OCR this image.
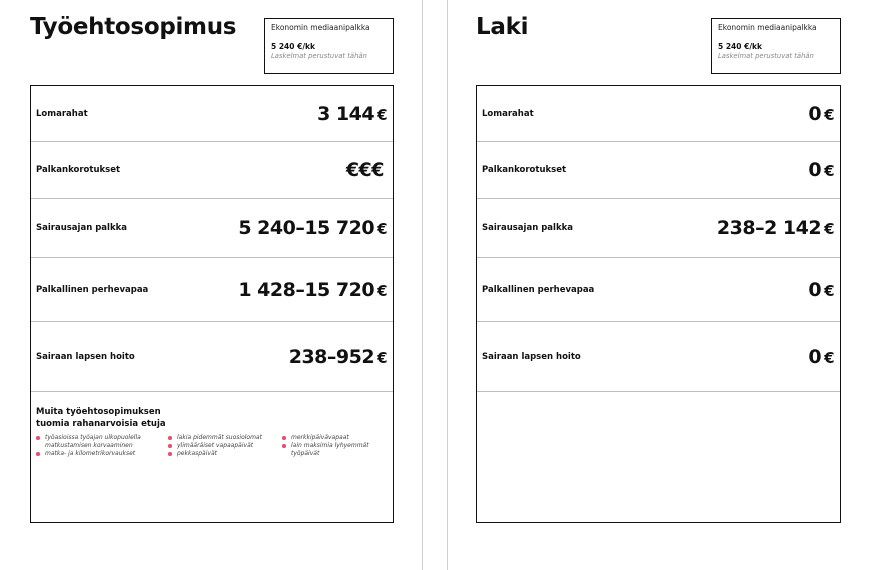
Työehtosopimus	Ekonomin mediaanipalkka
5 240 €/kk
Laskelmat perustuvat tähän
Lomarahat	3 144 €
Palkankorotukset	€€€
Sairausajan palkka	5 240–15 720 €
Palkallinen perhevapaa	1 428–15 720 €
Sairaan lapsen hoito	238–952 €
Muita työehtosopimuksen tuomia rahanarvoisia etuja
työasioissa työajan ulkopuolella
matkustamisen korvaaminen
matka- ja kilometrikorvaukset
lakia pidemmät suosiolomat
ylimääräiset vapaapäivät
pekkaspäivät
merkkipäivävapaat
lain maksimia lyhyemmät
työpäivät
Laki	Ekonomin mediaanipalkka
5 240 €/kk
Laskelmat perustuvat tähän
Lomarahat	0 €
Palkankorotukset	0 €
Sairausajan palkka	238–2 142 €
Palkallinen perhevapaa	0 €
Sairaan lapsen hoito	0 €
